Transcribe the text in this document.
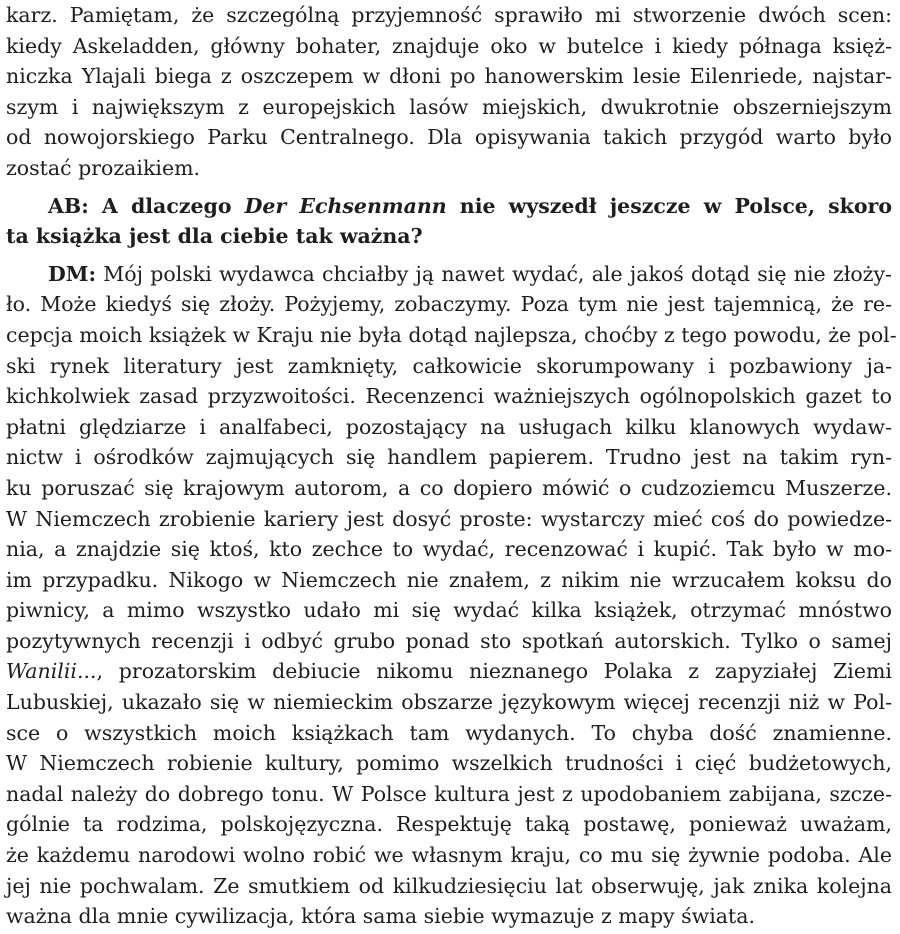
karz. Pamiętam, że szczególną przyjemność sprawiło mi stworzenie dwóch scen:
kiedy Askeladden, główny bohater, znajduje oko w butelce i kiedy półnaga księż-
niczka Ylajali biega z oszczepem w dłoni po hanowerskim lesie Eilenriede, najstar-
szym i największym z europejskich lasów miejskich, dwukrotnie obszerniejszym
od nowojorskiego Parku Centralnego. Dla opisywania takich przygód warto było
zostać prozaikiem.
AB: A dlaczego Der Echsenmann nie wyszedł jeszcze w Polsce, skoro
ta książka jest dla ciebie tak ważna?
DM: Mój polski wydawca chciałby ją nawet wydać, ale jakoś dotąd się nie złoży-
ło. Może kiedyś się złoży. Pożyjemy, zobaczymy. Poza tym nie jest tajemnicą, że re-
cepcja moich książek w Kraju nie była dotąd najlepsza, choćby z tego powodu, że pol-
ski rynek literatury jest zamknięty, całkowicie skorumpowany i pozbawiony ja-
kichkolwiek zasad przyzwoitości. Recenzenci ważniejszych ogólnopolskich gazet to
płatni ględziarze i analfabeci, pozostający na usługach kilku klanowych wydaw-
nictw i ośrodków zajmujących się handlem papierem. Trudno jest na takim ryn-
ku poruszać się krajowym autorom, a co dopiero mówić o cudzoziemcu Muszerze.
W Niemczech zrobienie kariery jest dosyć proste: wystarczy mieć coś do powiedze-
nia, a znajdzie się ktoś, kto zechce to wydać, recenzować i kupić. Tak było w mo-
im przypadku. Nikogo w Niemczech nie znałem, z nikim nie wrzucałem koksu do
piwnicy, a mimo wszystko udało mi się wydać kilka książek, otrzymać mnóstwo
pozytywnych recenzji i odbyć grubo ponad sto spotkań autorskich. Tylko o samej
Wanilii..., prozatorskim debiucie nikomu nieznanego Polaka z zapyziałej Ziemi
Lubuskiej, ukazało się w niemieckim obszarze językowym więcej recenzji niż w Pol-
sce o wszystkich moich książkach tam wydanych. To chyba dość znamienne.
W Niemczech robienie kultury, pomimo wszelkich trudności i cięć budżetowych,
nadal należy do dobrego tonu. W Polsce kultura jest z upodobaniem zabijana, szcze-
gólnie ta rodzima, polskojęzyczna. Respektuję taką postawę, ponieważ uważam,
że każdemu narodowi wolno robić we własnym kraju, co mu się żywnie podoba. Ale
jej nie pochwalam. Ze smutkiem od kilkudziesięciu lat obserwuję, jak znika kolejna
ważna dla mnie cywilizacja, która sama siebie wymazuje z mapy świata.
